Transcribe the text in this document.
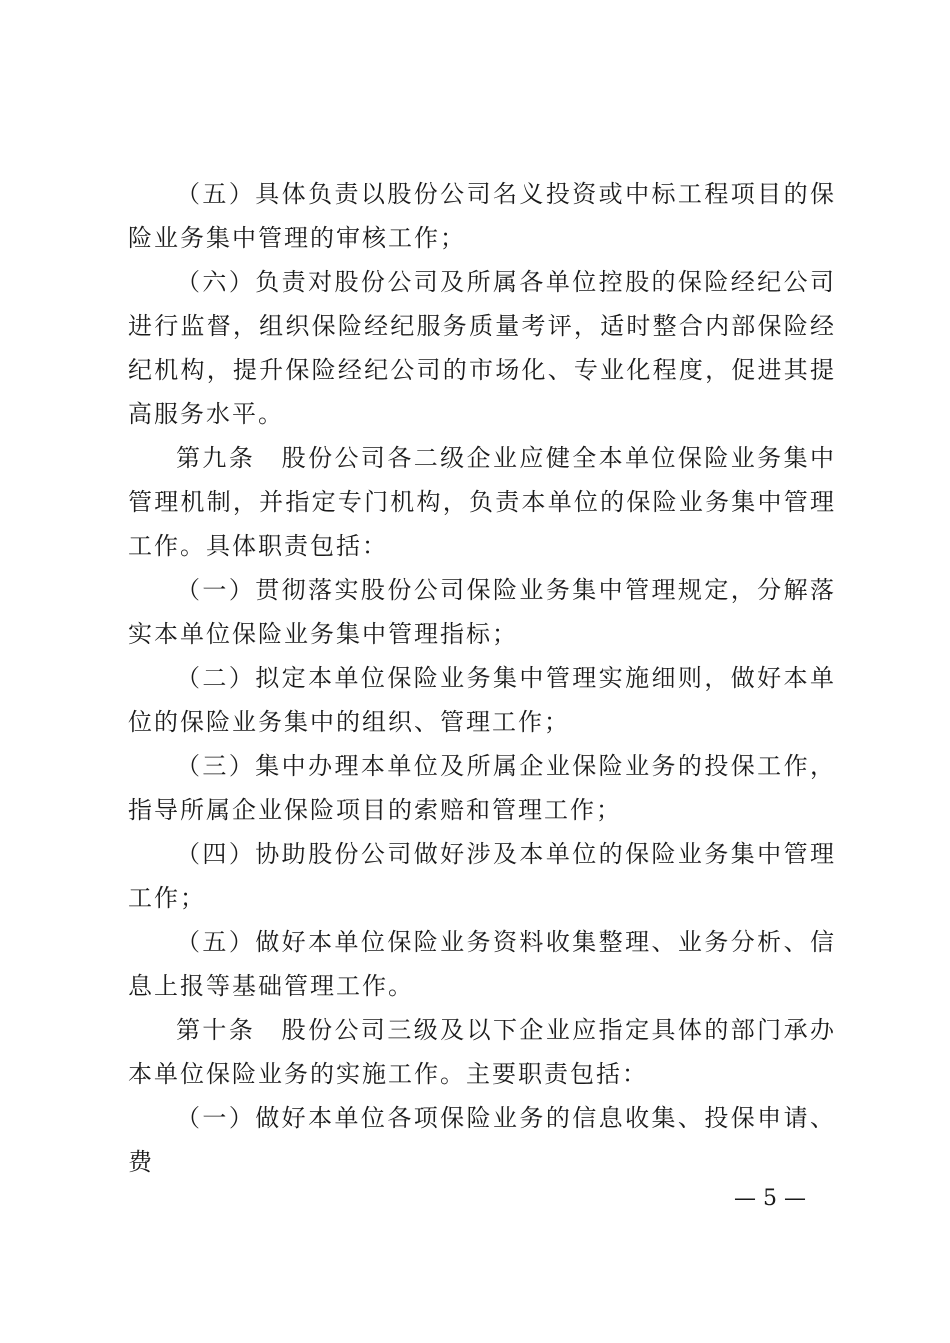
（五）具体负责以股份公司名义投资或中标工程项目的保险业务集中管理的审核工作；

（六）负责对股份公司及所属各单位控股的保险经纪公司进行监督，组织保险经纪服务质量考评，适时整合内部保险经纪机构，提升保险经纪公司的市场化、专业化程度，促进其提高服务水平。

第九条　股份公司各二级企业应健全本单位保险业务集中管理机制，并指定专门机构，负责本单位的保险业务集中管理工作。具体职责包括：

（一）贯彻落实股份公司保险业务集中管理规定，分解落实本单位保险业务集中管理指标；

（二）拟定本单位保险业务集中管理实施细则，做好本单位的保险业务集中的组织、管理工作；

（三）集中办理本单位及所属企业保险业务的投保工作，指导所属企业保险项目的索赔和管理工作；

（四）协助股份公司做好涉及本单位的保险业务集中管理工作；

（五）做好本单位保险业务资料收集整理、业务分析、信息上报等基础管理工作。

第十条　股份公司三级及以下企业应指定具体的部门承办本单位保险业务的实施工作。主要职责包括：

（一）做好本单位各项保险业务的信息收集、投保申请、费

— 5 —
